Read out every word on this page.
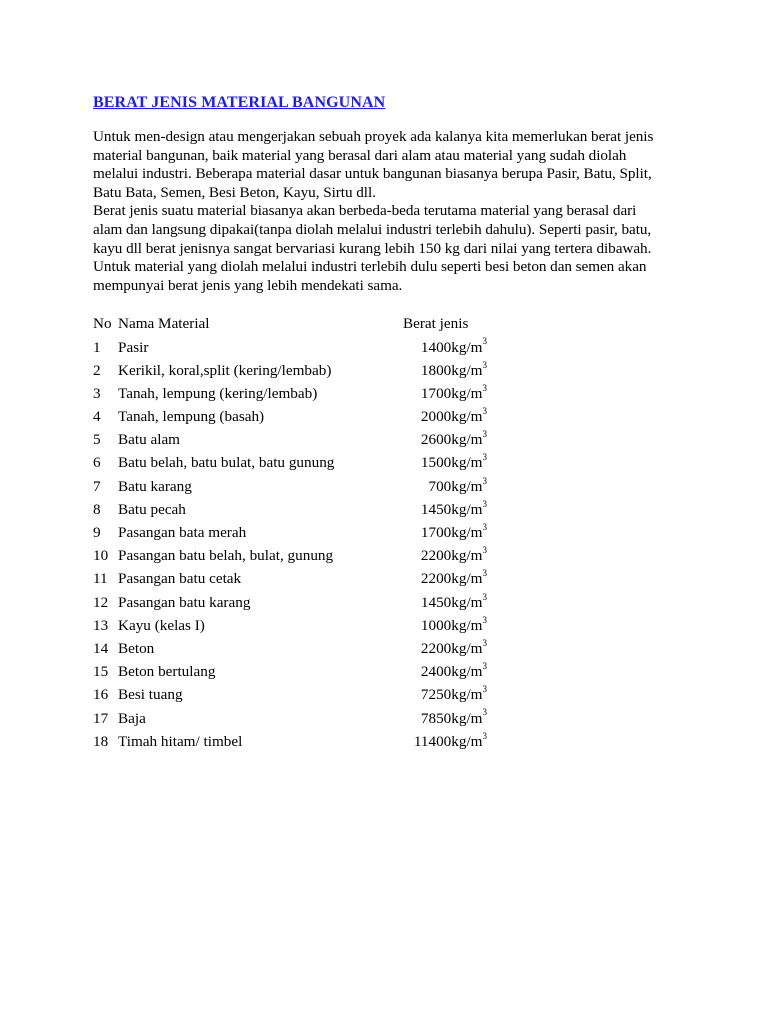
BERAT JENIS MATERIAL BANGUNAN

Untuk men-design atau mengerjakan sebuah proyek ada kalanya kita memerlukan berat jenis
material bangunan, baik material yang berasal dari alam atau material yang sudah diolah
melalui industri. Beberapa material dasar untuk bangunan biasanya berupa Pasir, Batu, Split,
Batu Bata, Semen, Besi Beton, Kayu, Sirtu dll.
Berat jenis suatu material biasanya akan berbeda-beda terutama material yang berasal dari
alam dan langsung dipakai(tanpa diolah melalui industri terlebih dahulu). Seperti pasir, batu,
kayu dll berat jenisnya sangat bervariasi kurang lebih 150 kg dari nilai yang tertera dibawah.
Untuk material yang diolah melalui industri terlebih dulu seperti besi beton dan semen akan
mempunyai berat jenis yang lebih mendekati sama.

No Nama Material	Berat jenis
1 Pasir	$1400kg/m^3$
2 Kerikil, koral,split (kering/lembab)	$1800kg/m^3$
3 Tanah, lempung (kering/lembab)	$1700kg/m^3$
4 Tanah, lempung (basah)	$2000kg/m^3$
5 Batu alam	$2600kg/m^3$
6 Batu belah, batu bulat, batu gunung	$1500kg/m^3$
7 Batu karang	$700kg/m^3$
8 Batu pecah	$1450kg/m^3$
9 Pasangan bata merah	$1700kg/m^3$
10 Pasangan batu belah, bulat, gunung	$2200kg/m^3$
11 Pasangan batu cetak	$2200kg/m^3$
12 Pasangan batu karang	$1450kg/m^3$
13 Kayu (kelas I)	$1000kg/m^3$
14 Beton	$2200kg/m^3$
15 Beton bertulang	$2400kg/m^3$
16 Besi tuang	$7250kg/m^3$
17 Baja	$7850kg/m^3$
18 Timah hitam/ timbel	$11400kg/m^3$
